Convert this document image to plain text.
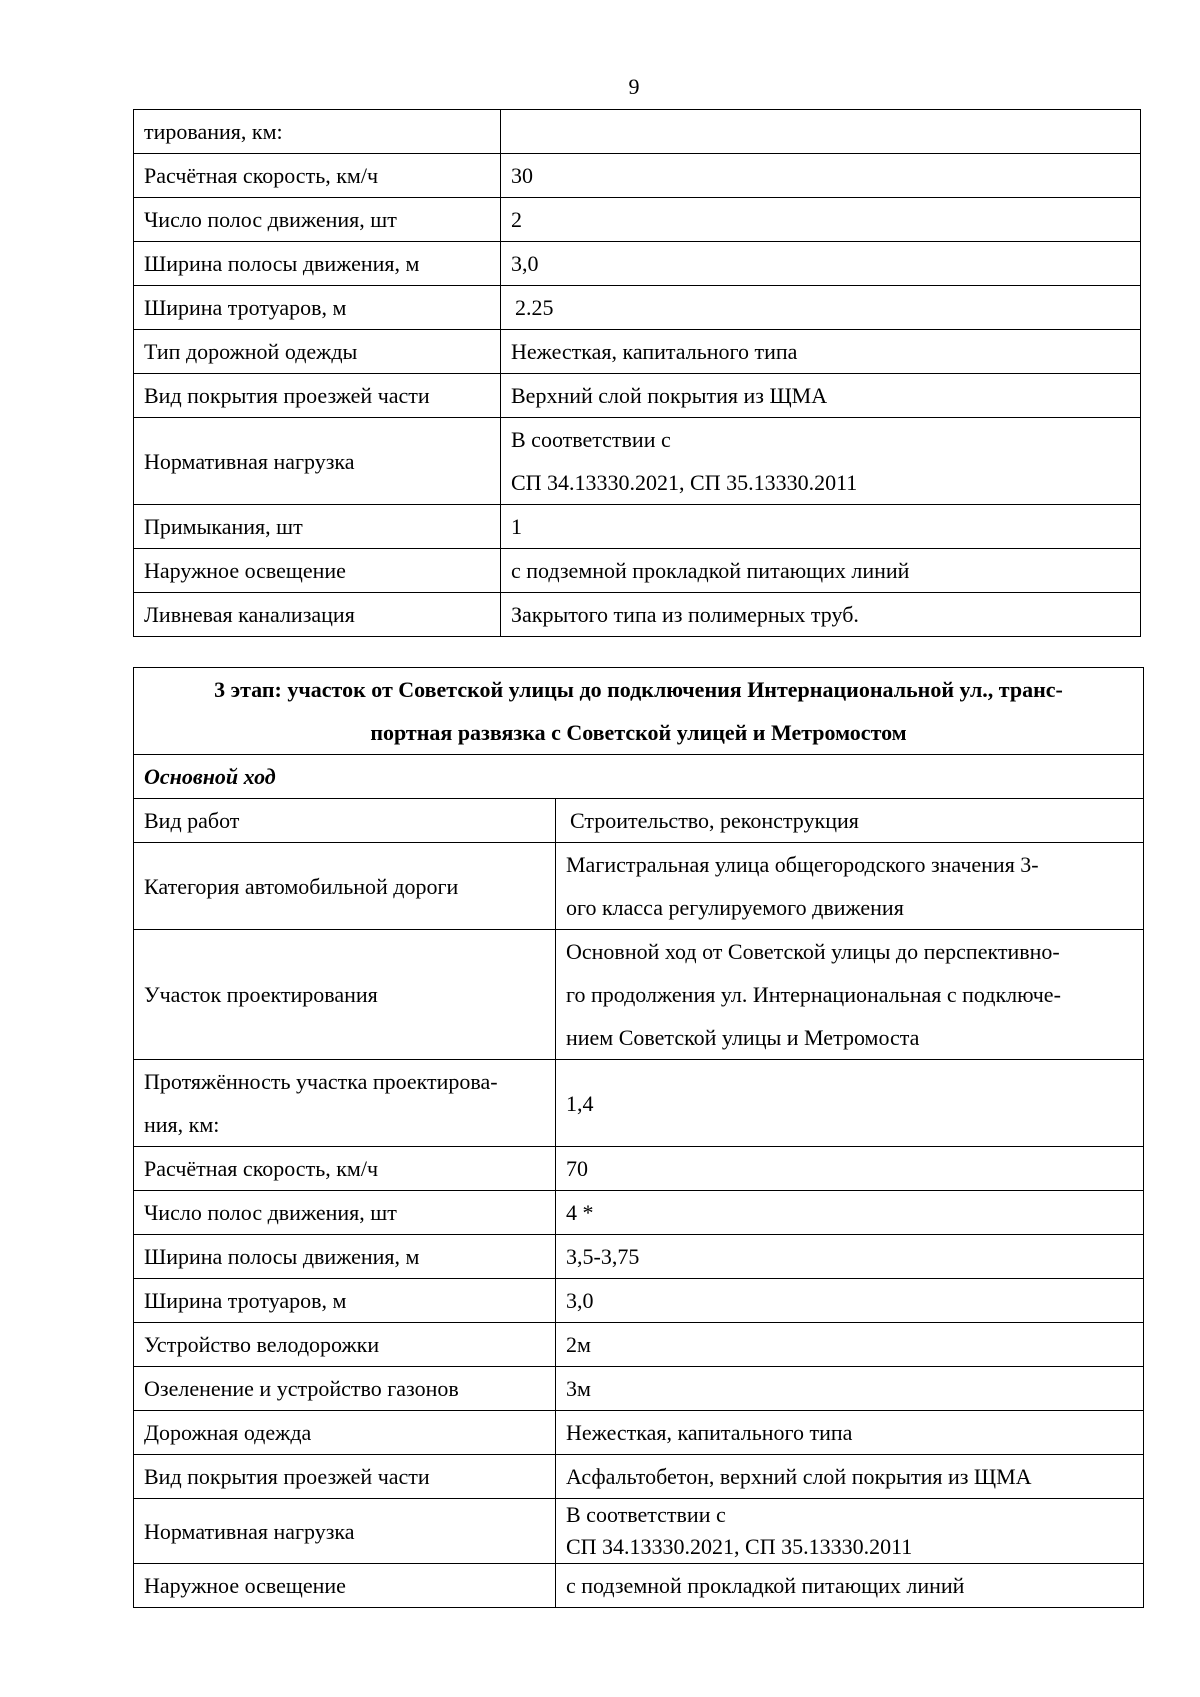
9
тирования, км:	
Расчётная скорость, км/ч	30
Число полос движения, шт	2
Ширина полосы движения, м	3,0
Ширина тротуаров, м	2.25
Тип дорожной одежды	Нежесткая, капитального типа
Вид покрытия проезжей части	Верхний слой покрытия из ЩМА
Нормативная нагрузка	В соответствии с
СП 34.13330.2021, СП 35.13330.2011

Примыкания, шт	1
Наружное освещение	с подземной прокладкой питающих линий
Ливневая канализация	Закрытого типа из полимерных труб.
3 этап: участок от Советской улицы до подключения Интернациональной ул., транс-
портная развязка с Советской улицей и Метромостом	

Основной ход	
Вид работ	Строительство, реконструкция
Категория автомобильной дороги	Магистральная улица общегородского значения 3-
ого класса регулируемого движения

Участок проектирования	Основной ход от Советской улицы до перспективно-
го продолжения ул. Интернациональная с подключе-
нием Советской улицы и Метромоста

Протяжённость участка проектирова-
ния, км:	1,4
Расчётная скорость, км/ч	70
Число полос движения, шт	4 *
Ширина полосы движения, м	3,5-3,75
Ширина тротуаров, м	3,0
Устройство велодорожки	2м
Озеленение и устройство газонов	3м
Дорожная одежда	Нежесткая, капитального типа
Вид покрытия проезжей части	Асфальтобетон, верхний слой покрытия из ЩМА
Нормативная нагрузка	В соответствии с
СП 34.13330.2021, СП 35.13330.2011

Наружное освещение	с подземной прокладкой питающих линий
